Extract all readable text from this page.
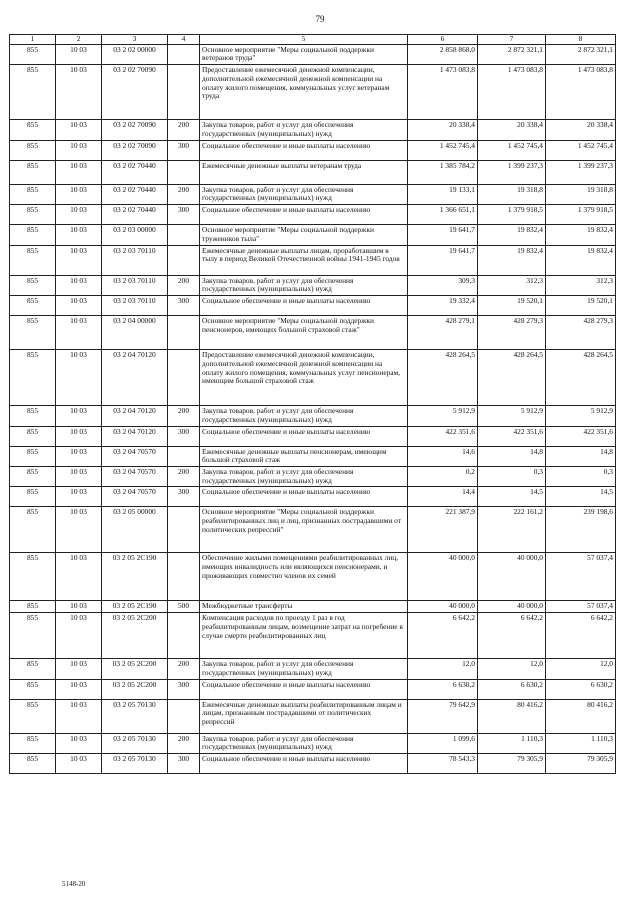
79
1	2	3	4	5	6	7	8
855	10 03	03 2 02 00000		Основное мероприятие "Меры социальной поддержки ветеранов труда"	2 858 868,0	2 872 321,1	2 872 321,1
855	10 03	03 2 02 70090		Предоставление ежемесячной денежной компенсации, дополнительной ежемесячной денежной компенсации на оплату жилого помещения, коммунальных услуг ветеранам труда	1 473 083,8	1 473 083,8	1 473 083,8
855	10 03	03 2 02 70090	200	Закупка товаров, работ и услуг для обеспечения государственных (муниципальных) нужд	20 338,4	20 338,4	20 338,4
855	10 03	03 2 02 70090	300	Социальное обеспечение и иные выплаты населению	1 452 745,4	1 452 745,4	1 452 745,4
855	10 03	03 2 02 70440		Ежемесячные денежные выплаты ветеранам труда	1 385 784,2	1 399 237,3	1 399 237,3
855	10 03	03 2 02 70440	200	Закупка товаров, работ и услуг для обеспечения государственных (муниципальных) нужд	19 133,1	19 318,8	19 318,8
855	10 03	03 2 02 70440	300	Социальное обеспечение и иные выплаты населению	1 366 651,1	1 379 918,5	1 379 918,5
855	10 03	03 2 03 00000		Основное мероприятие "Меры социальной поддержки тружеников тыла"	19 641,7	19 832,4	19 832,4
855	10 03	03 2 03 70110		Ежемесячные денежные выплаты лицам, проработавшим в тылу в период Великой Отечественной войны 1941-1945 годов	19 641,7	19 832,4	19 832,4
855	10 03	03 2 03 70110	200	Закупка товаров, работ и услуг для обеспечения государственных (муниципальных) нужд	309,3	312,3	312,3
855	10 03	03 2 03 70110	300	Социальное обеспечение и иные выплаты населению	19 332,4	19 520,1	19 520,1
855	10 03	03 2 04 00000		Основное мероприятие "Меры социальной поддержки пенсионеров, имеющих большой страховой стаж"	428 279,1	428 279,3	428 279,3
855	10 03	03 2 04 70120		Предоставление ежемесячной денежной компенсации, дополнительной ежемесячной денежной компенсации на оплату жилого помещения, коммунальных услуг пенсионерам, имеющим большой страховой стаж	428 264,5	428 264,5	428 264,5
855	10 03	03 2 04 70120	200	Закупка товаров, работ и услуг для обеспечения государственных (муниципальных) нужд	5 912,9	5 912,9	5 912,9
855	10 03	03 2 04 70120	300	Социальное обеспечение и иные выплаты населению	422 351,6	422 351,6	422 351,6
855	10 03	03 2 04 70570		Ежемесячные денежные выплаты пенсионерам, имеющим большой страховой стаж	14,6	14,8	14,8
855	10 03	03 2 04 70570	200	Закупка товаров, работ и услуг для обеспечения государственных (муниципальных) нужд	0,2	0,3	0,3
855	10 03	03 2 04 70570	300	Социальное обеспечение и иные выплаты населению	14,4	14,5	14,5
855	10 03	03 2 05 00000		Основное мероприятие "Меры социальной поддержки реабилитированных лиц и лиц, признанных пострадавшими от политических репрессий"	221 387,9	222 161,2	239 198,6
855	10 03	03 2 05 2С190		Обеспечение жилыми помещениями реабилитированных лиц, имеющих инвалидность или являющихся пенсионерами, и проживающих совместно членов их семей	40 000,0	40 000,0	57 037,4
855	10 03	03 2 05 2С190	500	Межбюджетные трансферты	40 000,0	40 000,0	57 037,4
855	10 03	03 2 05 2С200		Компенсация расходов по проезду 1 раз в год реабилитированным лицам, возмещение затрат на погребение в случае смерти реабилитированных лиц	6 642,2	6 642,2	6 642,2
855	10 03	03 2 05 2С200	200	Закупка товаров, работ и услуг для обеспечения государственных (муниципальных) нужд	12,0	12,0	12,0
855	10 03	03 2 05 2С200	300	Социальное обеспечение и иные выплаты населению	6 630,2	6 630,2	6 630,2
855	10 03	03 2 05 70130		Ежемесячные денежные выплаты реабилитированным лицам и лицам, признанным пострадавшими от политических репрессий	79 642,9	80 416,2	80 416,2
855	10 03	03 2 05 70130	200	Закупка товаров, работ и услуг для обеспечения государственных (муниципальных) нужд	1 099,6	1 110,3	1 110,3
855	10 03	03 2 05 70130	300	Социальное обеспечение и иные выплаты населению	78 543,3	79 305,9	79 305,9
5148-20
